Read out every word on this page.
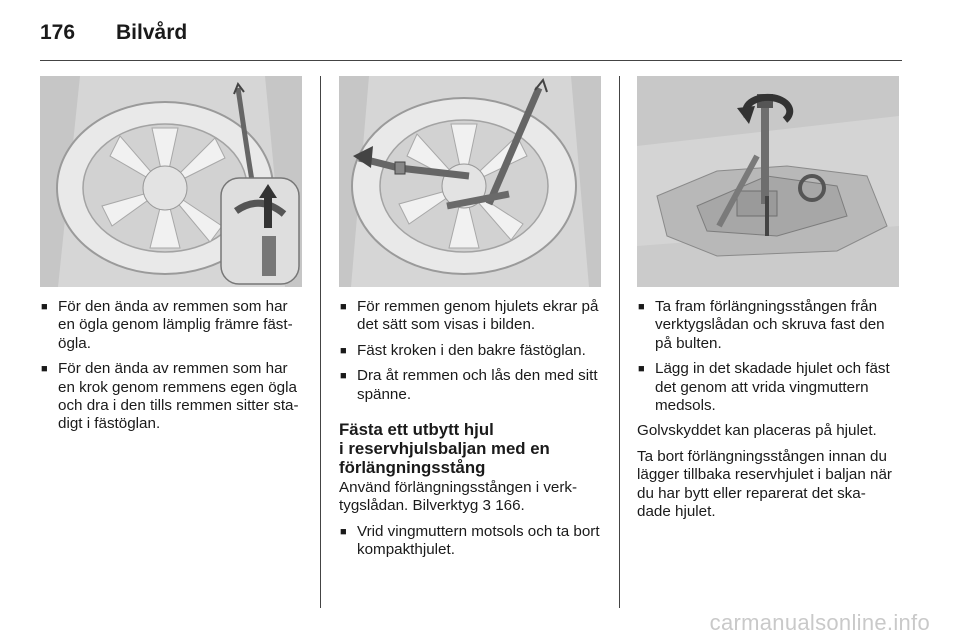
176	Bilvård
■ För den ända av remmen som har en ögla genom lämplig främre fäst-ögla.
■ För den ända av remmen som har en krok genom remmens egen ögla och dra i den tills remmen sitter sta-digt i fästöglan.
■ För remmen genom hjulets ekrar på det sätt som visas i bilden.
■ Fäst kroken i den bakre fästöglan.
■ Dra åt remmen och lås den med sitt spänne.
Fästa ett utbytt hjul
i reservhjulsbaljan med en
förlängningsstång

Använd förlängningsstången i verk-tygslådan. Bilverktyg 3 166.

■ Vrid vingmuttern motsols och ta bort kompakthjulet.
■ Ta fram förlängningsstången från verktygslådan och skruva fast den på bulten.
■ Lägg in det skadade hjulet och fäst det genom att vrida vingmuttern medsols.

Golvskyddet kan placeras på hjulet.

Ta bort förlängningsstången innan du lägger tillbaka reservhjulet i baljan när du har bytt eller reparerat det ska-dade hjulet.

carmanualsonline.info
